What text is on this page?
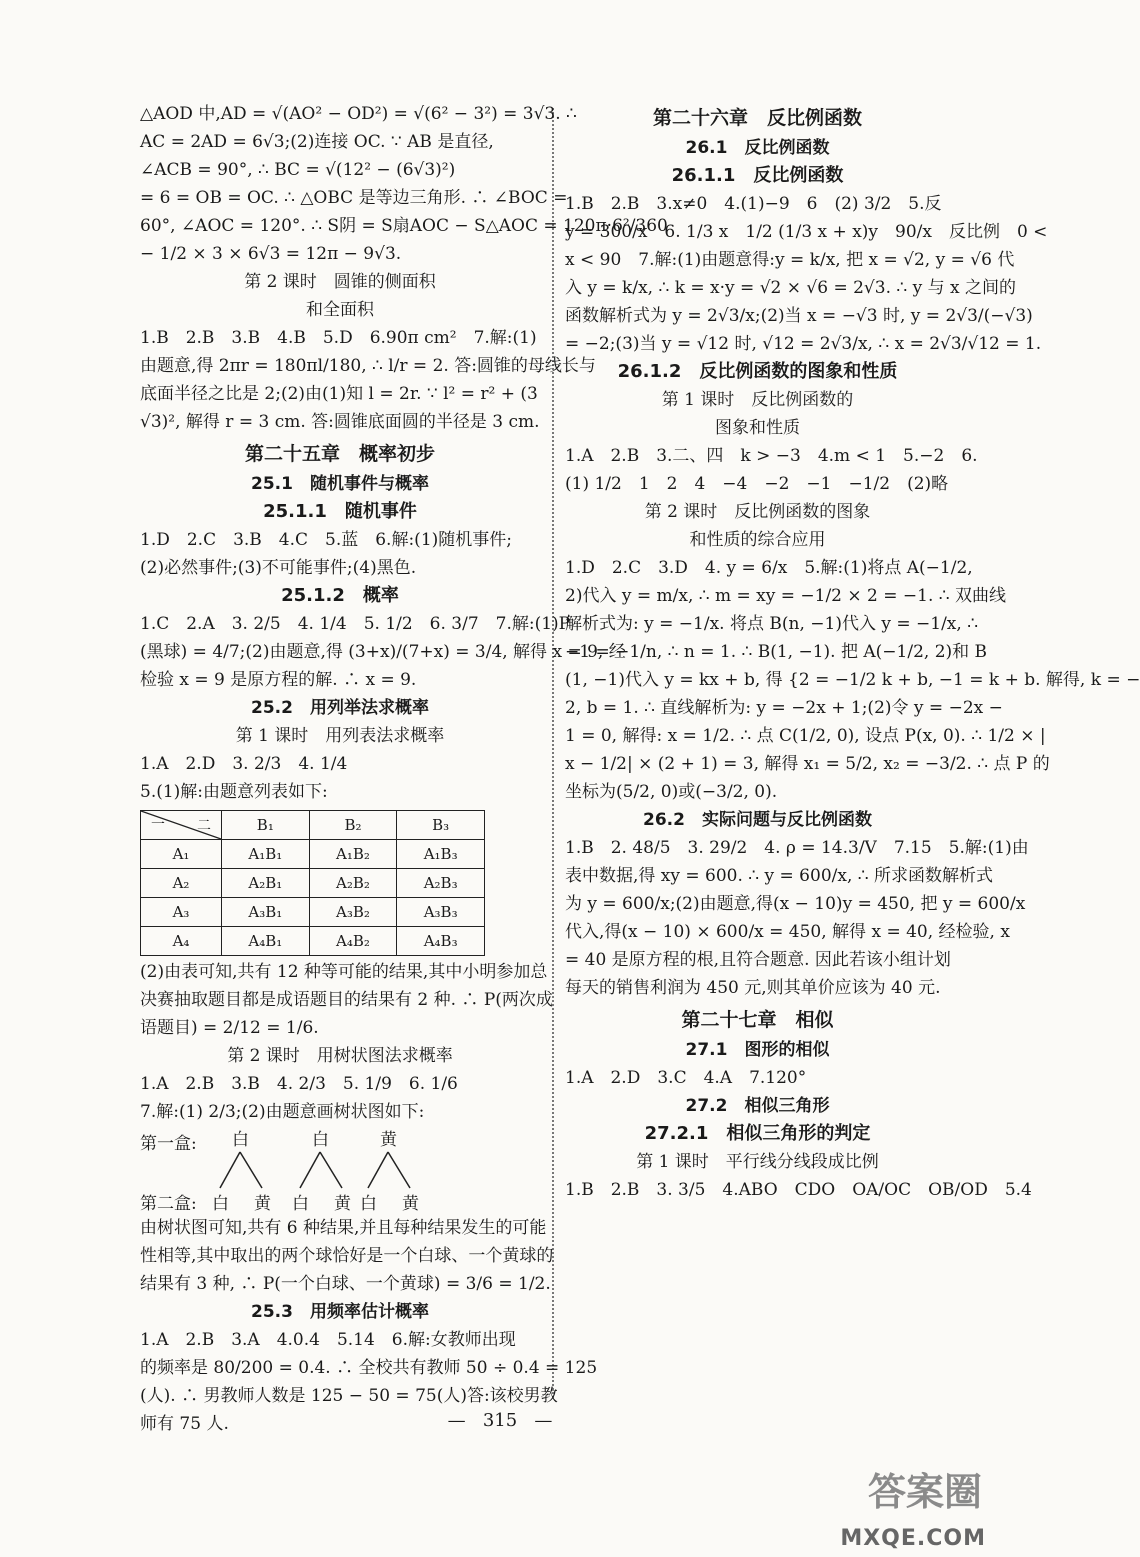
△AOD 中,AD = √(AO² − OD²) = √(6² − 3²) = 3√3. ∴
AC = 2AD = 6√3;(2)连接 OC. ∵ AB 是直径,
∠ACB = 90°, ∴ BC = √(12² − (6√3)²)
= 6 = OB = OC. ∴ △OBC 是等边三角形. ∴ ∠BOC =
60°, ∠AOC = 120°. ∴ S阴 = S扇AOC − S△AOC = 120π·6²/360
− 1/2 × 3 × 6√3 = 12π − 9√3.

第 2 课时　圆锥的侧面积

和全面积

1.B　2.B　3.B　4.B　5.D　6.90π cm²　7.解:(1)
由题意,得 2πr = 180πl/180, ∴ l/r = 2. 答:圆锥的母线长与
底面半径之比是 2;(2)由(1)知 l = 2r. ∵ l² = r² + (3
√3)², 解得 r = 3 cm. 答:圆锥底面圆的半径是 3 cm.

第二十五章　概率初步

25.1　随机事件与概率

25.1.1　随机事件

1.D　2.C　3.B　4.C　5.蓝　6.解:(1)随机事件;
(2)必然事件;(3)不可能事件;(4)黑色.

25.1.2　概率

1.C　2.A　3. 2/5　4. 1/4　5. 1/2　6. 3/7　7.解:(1)P
(黑球) = 4/7;(2)由题意,得 (3+x)/(7+x) = 3/4, 解得 x = 9, 经
检验 x = 9 是原方程的解. ∴ x = 9.

25.2　用列举法求概率

第 1 课时　用列表法求概率

1.A　2.D　3. 2/3　4. 1/4

5.(1)解:由题意列表如下:

二
一	B₁	B₂	B₃
A₁	A₁B₁	A₁B₂	A₁B₃
A₂	A₂B₁	A₂B₂	A₂B₃
A₃	A₃B₁	A₃B₂	A₃B₃
A₄	A₄B₁	A₄B₂	A₄B₃

(2)由表可知,共有 12 种等可能的结果,其中小明参加总
决赛抽取题目都是成语题目的结果有 2 种. ∴ P(两次成
语题目) = 2/12 = 1/6.

第 2 课时　用树状图法求概率

1.A　2.B　3.B　4. 2/3　5. 1/9　6. 1/6

7.解:(1) 2/3;(2)由题意画树状图如下:

第一盒: 白	白	黄
第二盒: 白 黄 白 黄 白 黄

由树状图可知,共有 6 种结果,并且每种结果发生的可能
性相等,其中取出的两个球恰好是一个白球、一个黄球的
结果有 3 种, ∴ P(一个白球、一个黄球) = 3/6 = 1/2.

25.3　用频率估计概率

1.A　2.B　3.A　4.0.4　5.14　6.解:女教师出现
的频率是 80/200 = 0.4. ∴ 全校共有教师 50 ÷ 0.4 = 125
(人). ∴ 男教师人数是 125 − 50 = 75(人)答:该校男教
师有 75 人.

第二十六章　反比例函数

26.1　反比例函数

26.1.1　反比例函数

1.B　2.B　3.x≠0　4.(1)−9　6　(2) 3/2　5.反
y = 300/x　6. 1/3 x　1/2 (1/3 x + x)y　90/x　反比例　0 <
x < 90　7.解:(1)由题意得:y = k/x, 把 x = √2, y = √6 代
入 y = k/x, ∴ k = x·y = √2 × √6 = 2√3. ∴ y 与 x 之间的
函数解析式为 y = 2√3/x;(2)当 x = −√3 时, y = 2√3/(−√3)
= −2;(3)当 y = √12 时, √12 = 2√3/x, ∴ x = 2√3/√12 = 1.

26.1.2　反比例函数的图象和性质

第 1 课时　反比例函数的

图象和性质

1.A　2.B　3.二、四　k > −3　4.m < 1　5.−2　6.
(1) 1/2　1　2　4　−4　−2　−1　−1/2　(2)略

第 2 课时　反比例函数的图象

和性质的综合应用

1.D　2.C　3.D　4. y = 6/x　5.解:(1)将点 A(−1/2,
2)代入 y = m/x, ∴ m = xy = −1/2 × 2 = −1. ∴ 双曲线
解析式为: y = −1/x. 将点 B(n, −1)代入 y = −1/x, ∴
−1 = −1/n, ∴ n = 1. ∴ B(1, −1). 把 A(−1/2, 2)和 B
(1, −1)代入 y = kx + b, 得 {2 = −1/2 k + b, −1 = k + b. 解得, k = −
2, b = 1. ∴ 直线解析为: y = −2x + 1;(2)令 y = −2x −
1 = 0, 解得: x = 1/2. ∴ 点 C(1/2, 0), 设点 P(x, 0). ∴ 1/2 × |
x − 1/2| × (2 + 1) = 3, 解得 x₁ = 5/2, x₂ = −3/2. ∴ 点 P 的
坐标为(5/2, 0)或(−3/2, 0).

26.2　实际问题与反比例函数

1.B　2. 48/5　3. 29/2　4. ρ = 14.3/V　7.15　5.解:(1)由
表中数据,得 xy = 600. ∴ y = 600/x, ∴ 所求函数解析式
为 y = 600/x;(2)由题意,得(x − 10)y = 450, 把 y = 600/x
代入,得(x − 10) × 600/x = 450, 解得 x = 40, 经检验, x
= 40 是原方程的根,且符合题意. 因此若该小组计划
每天的销售利润为 450 元,则其单价应该为 40 元.

第二十七章　相似

27.1　图形的相似

1.A　2.D　3.C　4.A　7.120°

27.2　相似三角形

27.2.1　相似三角形的判定

第 1 课时　平行线分线段成比例

1.B　2.B　3. 3/5　4.ABO　CDO　OA/OC　OB/OD　5.4

— 315 —
答案圈
MXQE.COM
